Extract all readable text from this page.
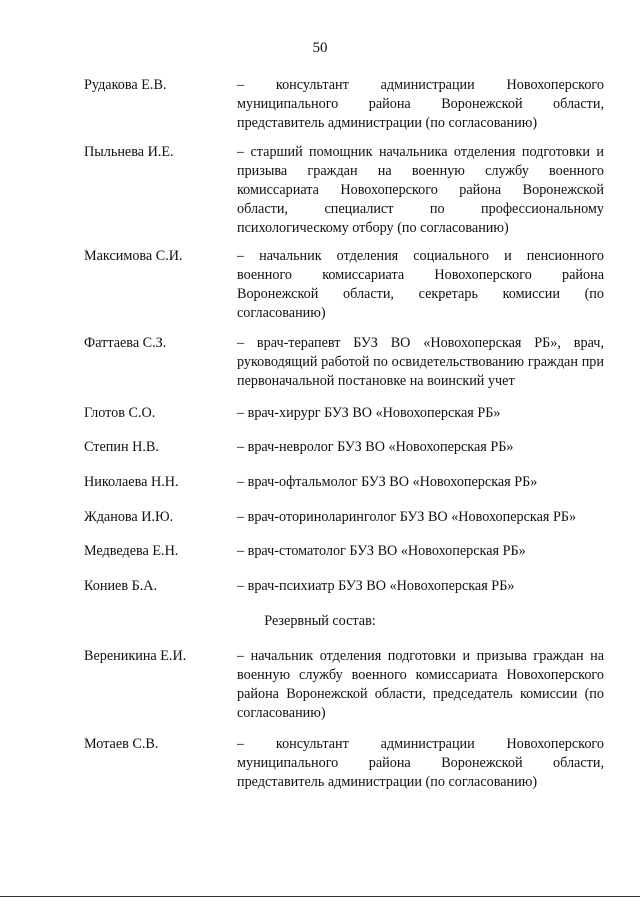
50
Рудакова Е.В.	– консультант администрации Новохоперского муниципального района Воронежской области, представитель администрации (по согласованию)
Пыльнева И.Е.	– старший помощник начальника отделения подготовки и призыва граждан на военную службу военного комиссариата Новохоперского района Воронежской области, специалист по профессиональному психологическому отбору (по согласованию)
Максимова С.И.	– начальник отделения социального и пенсионного военного комиссариата Новохоперского района Воронежской области, секретарь комиссии (по согласованию)
Фаттаева С.З.	– врач-терапевт БУЗ ВО «Новохоперская РБ», врач, руководящий работой по освидетельствованию граждан при первоначальной постановке на воинский учет
Глотов С.О.	– врач-хирург БУЗ ВО «Новохоперская РБ»
Степин Н.В.	– врач-невролог БУЗ ВО «Новохоперская РБ»
Николаева Н.Н.	– врач-офтальмолог БУЗ ВО «Новохоперская РБ»
Жданова И.Ю.	– врач-оториноларинголог БУЗ ВО «Новохоперская РБ»
Медведева Е.Н.	– врач-стоматолог БУЗ ВО «Новохоперская РБ»
Кониев Б.А.	– врач-психиатр БУЗ ВО «Новохоперская РБ»
Резервный состав:
Вереникина Е.И.	– начальник отделения подготовки и призыва граждан на военную службу военного комиссариата Новохоперского района Воронежской области, председатель комиссии (по согласованию)
Мотаев С.В.	– консультант администрации Новохоперского муниципального района Воронежской области, представитель администрации (по согласованию)
